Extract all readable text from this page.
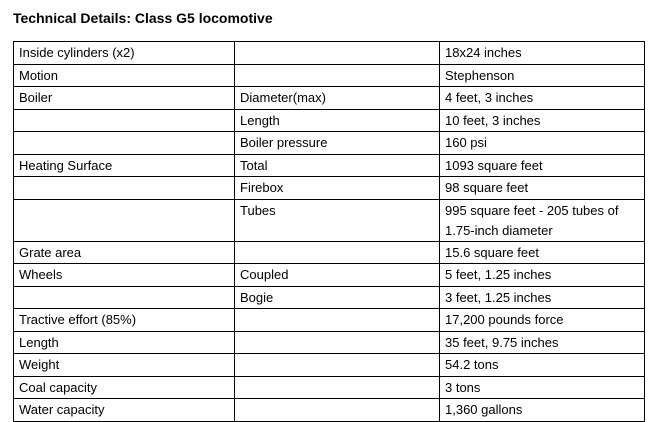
Technical Details: Class G5 locomotive
Inside cylinders (x2)		18x24 inches
Motion		Stephenson
Boiler	Diameter(max)	4 feet, 3 inches
	Length	10 feet, 3 inches
	Boiler pressure	160 psi
Heating Surface	Total	1093 square feet
	Firebox	98 square feet
	Tubes	995 square feet - 205 tubes of 1.75-inch diameter
Grate area		15.6 square feet
Wheels	Coupled	5 feet, 1.25 inches
	Bogie	3 feet, 1.25 inches
Tractive effort (85%)		17,200 pounds force
Length		35 feet, 9.75 inches
Weight		54.2 tons
Coal capacity		3 tons
Water capacity		1,360 gallons
